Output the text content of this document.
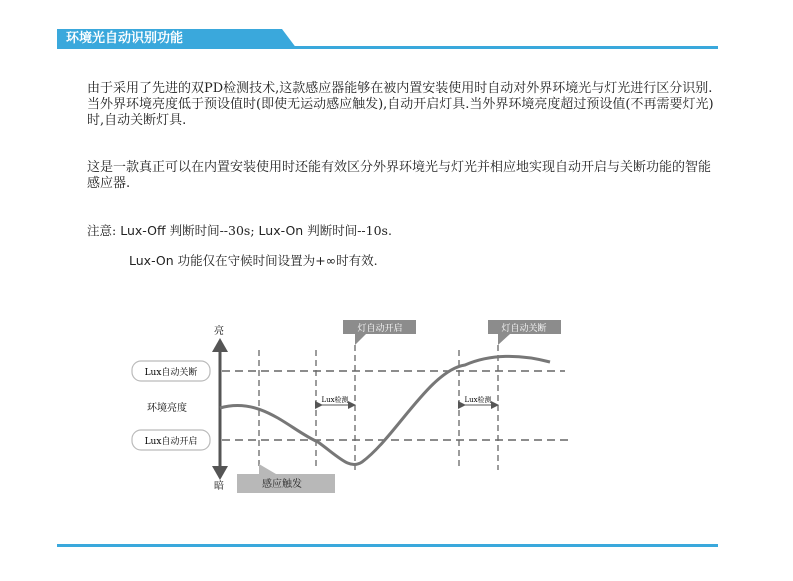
环境光自动识别功能
由于采用了先进的双PD检测技术,这款感应器能够在被内置安装使用时自动对外界环境光与灯光进行区分识别.当外界环境亮度低于预设值时(即使无运动感应触发),自动开启灯具.当外界环境亮度超过预设值(不再需要灯光)时,自动关断灯具.
这是一款真正可以在内置安装使用时还能有效区分外界环境光与灯光并相应地实现自动开启与关断功能的智能感应器.
注意: Lux-Off 判断时间--30s; Lux-On 判断时间--10s.
Lux-On 功能仅在守候时间设置为+∞时有效.
亮
暗
Lux自动关断
环境亮度
Lux自动开启
灯自动开启	灯自动关断
Lux检测	Lux检测
感应触发
